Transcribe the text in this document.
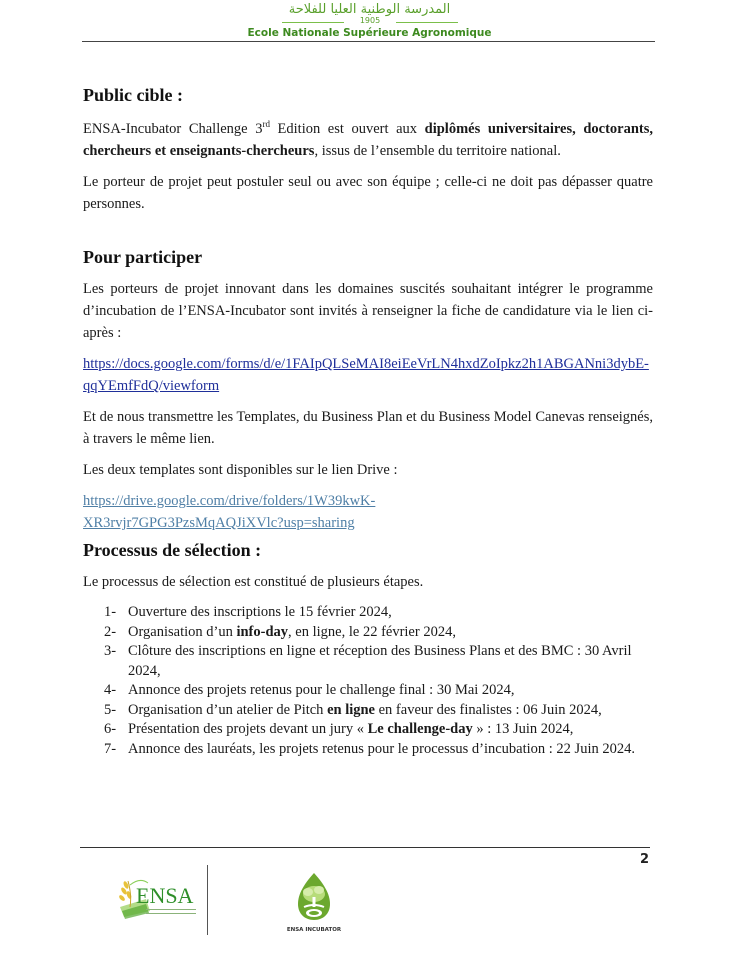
المدرسة الوطنية العليا للفلاحة
1905
Ecole Nationale Supérieure Agronomique
Public cible :

ENSA-Incubator Challenge 3rd Edition est ouvert aux diplômés universitaires, doctorants, chercheurs et enseignants-chercheurs, issus de l’ensemble du territoire national.

Le porteur de projet peut postuler seul ou avec son équipe ; celle-ci ne doit pas dépasser quatre personnes.

Pour participer

Les porteurs de projet innovant dans les domaines suscités souhaitant intégrer le programme d’incubation de l’ENSA-Incubator sont invités à renseigner la fiche de candidature via le lien ci-après :

https://docs.google.com/forms/d/e/1FAIpQLSeMAI8eiEeVrLN4hxdZoIpkz2h1ABGANni3dybE-qqYEmfFdQ/viewform

Et de nous transmettre les Templates, du Business Plan et du Business Model Canevas renseignés, à travers le même lien.

Les deux templates sont disponibles sur le lien Drive :

https://drive.google.com/drive/folders/1W39kwK-
XR3rvjr7GPG3PzsMqAQJiXVlc?usp=sharing
Processus de sélection :

Le processus de sélection est constitué de plusieurs étapes.

1- Ouverture des inscriptions le 15 février 2024,
2- Organisation d’un info-day, en ligne, le 22 février 2024,
3- Clôture des inscriptions en ligne et réception des Business Plans et des BMC : 30 Avril 2024,
4- Annonce des projets retenus pour le challenge final : 30 Mai 2024,
5- Organisation d’un atelier de Pitch en ligne en faveur des finalistes : 06 Juin 2024,
6- Présentation des projets devant un jury « Le challenge-day » : 13 Juin 2024,
7- Annonce des lauréats, les projets retenus pour le processus d’incubation : 22 Juin 2024.
2
ENSA
ENSA INCUBATOR
